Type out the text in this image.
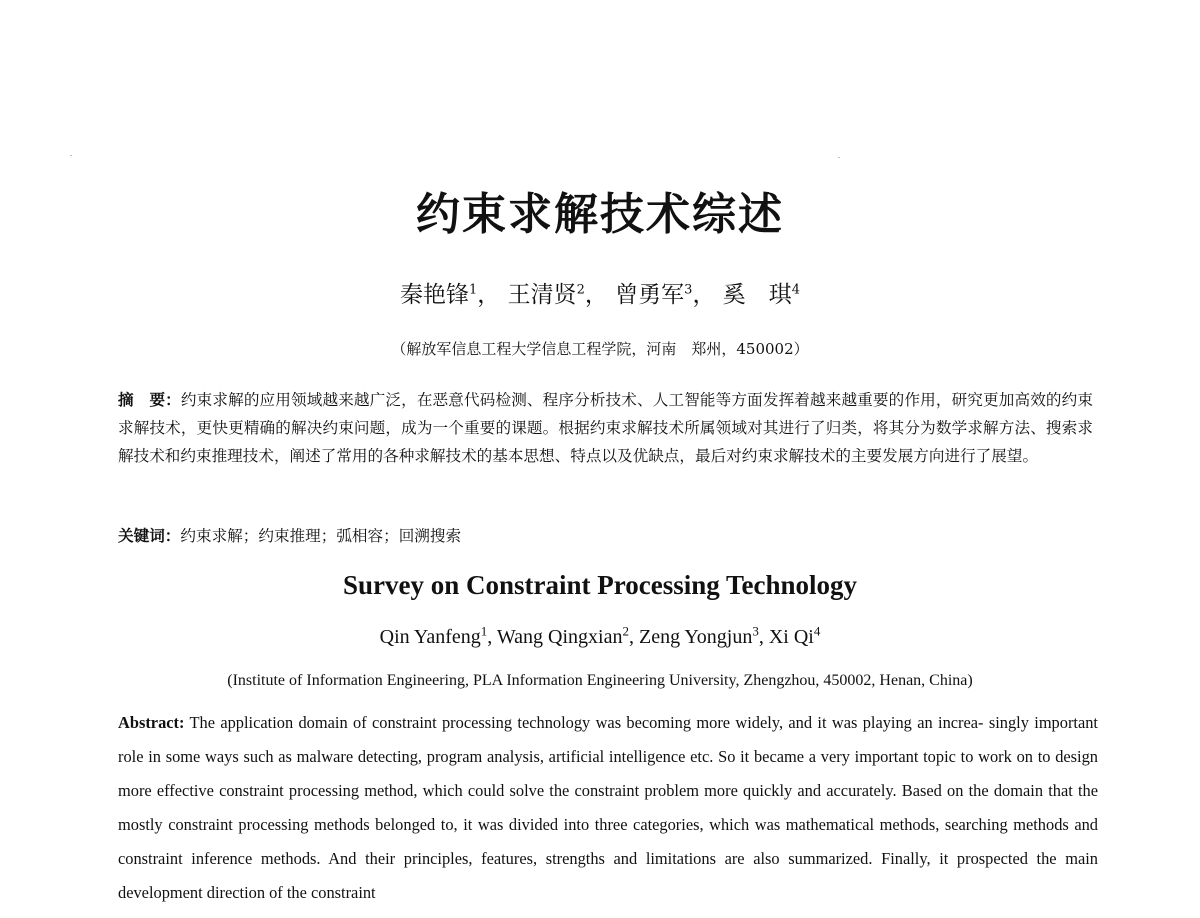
约束求解技术综述

秦艳锋$^1$， 王清贤$^2$， 曾勇军$^3$， 奚　琪$^4$

（解放军信息工程大学信息工程学院，河南　郑州，450002）

摘　要：约束求解的应用领域越来越广泛，在恶意代码检测、程序分析技术、人工智能等方面发挥着越来越重要的作用，研究更加高效的约束求解技术，更快更精确的解决约束问题，成为一个重要的课题。根据约束求解技术所属领域对其进行了归类，将其分为数学求解方法、搜索求解技术和约束推理技术，阐述了常用的各种求解技术的基本思想、特点以及优缺点，最后对约束求解技术的主要发展方向进行了展望。

关键词：约束求解；约束推理；弧相容；回溯搜索

Survey on Constraint Processing Technology

Qin Yanfeng$^1$, Wang Qingxian$^2$, Zeng Yongjun$^3$, Xi Qi$^4$

(Institute of Information Engineering, PLA Information Engineering University, Zhengzhou, 450002, Henan, China)

Abstract: The application domain of constraint processing technology was becoming more widely, and it was playing an increa- singly important role in some ways such as malware detecting, program analysis, artificial intelligence etc. So it became a very important topic to work on to design more effective constraint processing method, which could solve the constraint problem more quickly and accurately. Based on the domain that the mostly constraint processing methods belonged to, it was divided into three categories, which was mathematical methods, searching methods and constraint inference methods. And their principles, features, strengths and limitations are also summarized. Finally, it prospected the main development direction of the constraint
